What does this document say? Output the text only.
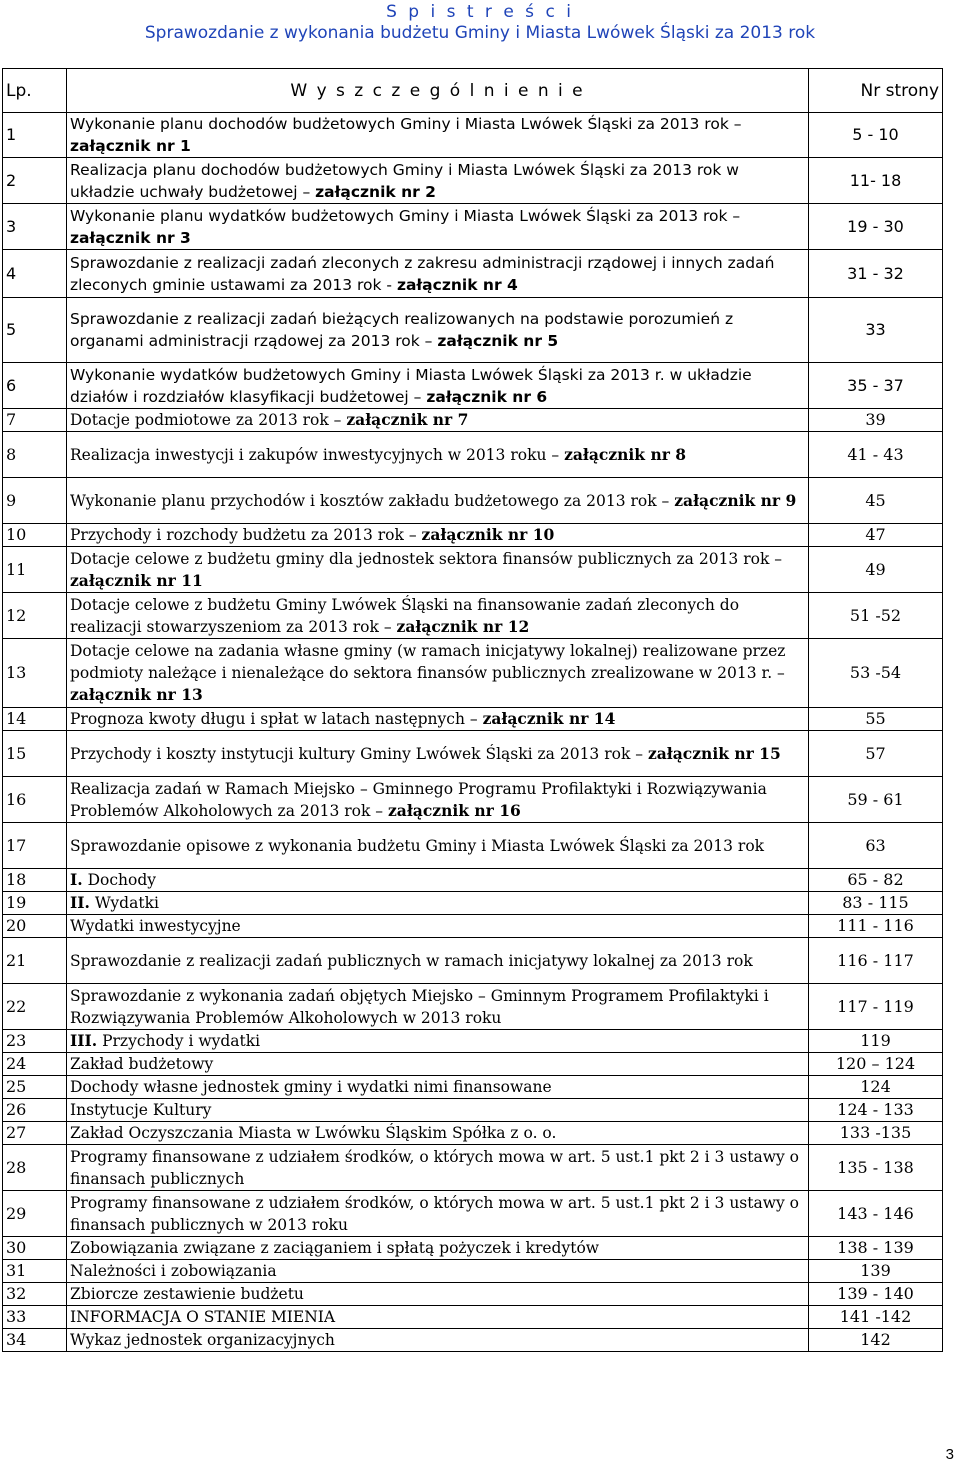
S p i s t r e ś c i
Sprawozdanie z wykonania budżetu Gminy i Miasta Lwówek Śląski za 2013 rok
Lp.	W y s z c z e g ó l n i e n i e	Nr strony
1	Wykonanie planu dochodów budżetowych Gminy i Miasta Lwówek Śląski za 2013 rok – załącznik nr 1	5 - 10
2	Realizacja planu dochodów budżetowych Gminy i Miasta Lwówek Śląski za 2013 rok w układzie uchwały budżetowej – załącznik nr 2	11- 18
3	Wykonanie planu wydatków budżetowych Gminy i Miasta Lwówek Śląski za 2013 rok – załącznik nr 3	19 - 30
4	Sprawozdanie z realizacji zadań zleconych z zakresu administracji rządowej i innych zadań zleconych gminie ustawami za 2013 rok - załącznik nr 4	31 - 32
5	Sprawozdanie z realizacji zadań bieżących realizowanych na podstawie porozumień z organami administracji rządowej za 2013 rok – załącznik nr 5	33
6	Wykonanie wydatków budżetowych Gminy i Miasta Lwówek Śląski za 2013 r. w układzie działów i rozdziałów klasyfikacji budżetowej – załącznik nr 6	35 - 37
7	Dotacje podmiotowe za 2013 rok – załącznik nr 7	39
8	Realizacja inwestycji i zakupów inwestycyjnych w 2013 roku – załącznik nr 8	41 - 43
9	Wykonanie planu przychodów i kosztów zakładu budżetowego za 2013 rok – załącznik nr 9	45
10	Przychody i rozchody budżetu za 2013 rok – załącznik nr 10	47
11	Dotacje celowe z budżetu gminy dla jednostek sektora finansów publicznych za 2013 rok – załącznik nr 11	49
12	Dotacje celowe z budżetu Gminy Lwówek Śląski na finansowanie zadań zleconych do realizacji stowarzyszeniom za 2013 rok – załącznik nr 12	51 -52
13	Dotacje celowe na zadania własne gminy (w ramach inicjatywy lokalnej) realizowane przez podmioty należące i nienależące do sektora finansów publicznych zrealizowane w 2013 r. – załącznik nr 13	53 -54
14	Prognoza kwoty długu i spłat w latach następnych – załącznik nr 14	55
15	Przychody i koszty instytucji kultury Gminy Lwówek Śląski za 2013 rok – załącznik nr 15	57
16	Realizacja zadań w Ramach Miejsko – Gminnego Programu Profilaktyki i Rozwiązywania Problemów Alkoholowych za 2013 rok – załącznik nr 16	59 - 61
17	Sprawozdanie opisowe z wykonania budżetu Gminy i Miasta Lwówek Śląski za 2013 rok	63
18	I. Dochody	65 - 82
19	II. Wydatki	83 - 115
20	Wydatki inwestycyjne	111 - 116
21	Sprawozdanie z realizacji zadań publicznych w ramach inicjatywy lokalnej za 2013 rok	116 - 117
22	Sprawozdanie z wykonania zadań objętych Miejsko – Gminnym Programem Profilaktyki i Rozwiązywania Problemów Alkoholowych w 2013 roku	117 - 119
23	III. Przychody i wydatki	119
24	Zakład budżetowy	120 – 124
25	Dochody własne jednostek gminy i wydatki nimi finansowane	124
26	Instytucje Kultury	124 - 133
27	Zakład Oczyszczania Miasta w Lwówku Śląskim Spółka z o. o.	133 -135
28	Programy finansowane z udziałem środków, o których mowa w art. 5 ust.1 pkt 2 i 3 ustawy o finansach publicznych	135 - 138
29	Programy finansowane z udziałem środków, o których mowa w art. 5 ust.1 pkt 2 i 3 ustawy o finansach publicznych w 2013 roku	143 - 146
30	Zobowiązania związane z zaciąganiem i spłatą pożyczek i kredytów	138 - 139
31	Należności i zobowiązania	139
32	Zbiorcze zestawienie budżetu	139 - 140
33	INFORMACJA O STANIE MIENIA	141 -142
34	Wykaz jednostek organizacyjnych	142
3
